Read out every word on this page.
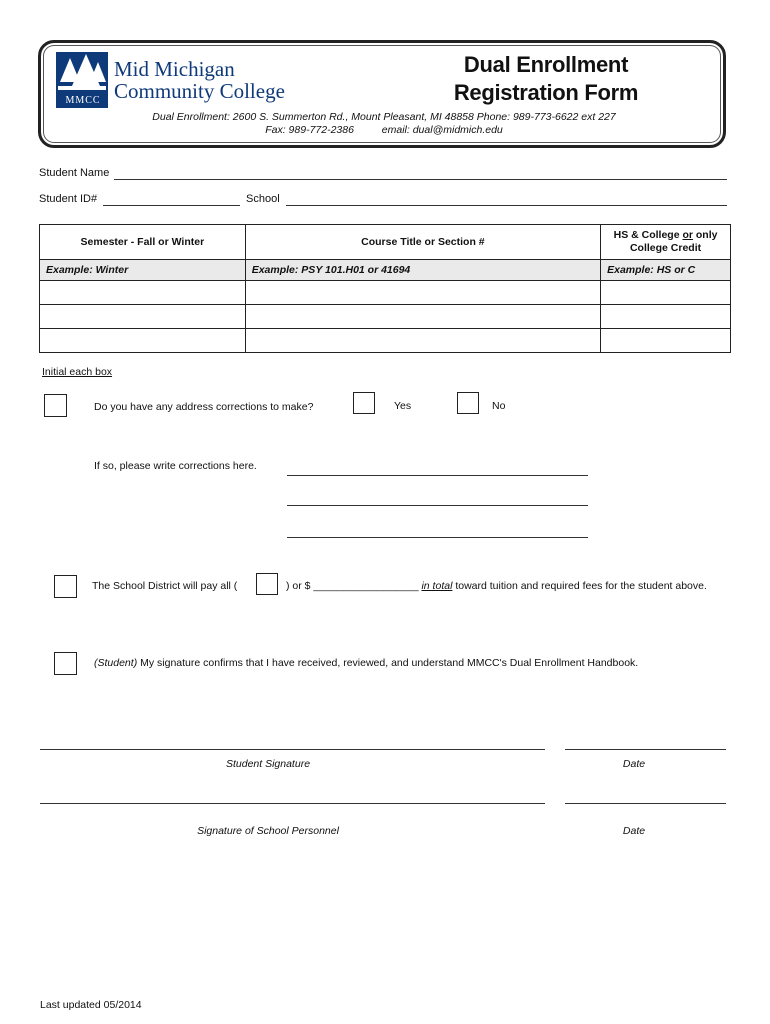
MMCC
Mid Michigan
Community College
Dual Enrollment
Registration Form
Dual Enrollment: 2600 S. Summerton Rd., Mount Pleasant, MI 48858 Phone: 989-773-6622 ext 227
Fax: 989-772-2386	email: dual@midmich.edu
Student Name
Student ID#	School
Semester - Fall or Winter	Course Title or Section #	HS & College or only
College Credit
Example: Winter	Example: PSY 101.H01 or 41694	Example: HS or C

Initial each box
Do you have any address corrections to make?	Yes	No
If so, please write corrections here.
The School District will pay all (	) or $ __________________ in total toward tuition and required fees for the student above.
(Student) My signature confirms that I have received, reviewed, and understand MMCC's Dual Enrollment Handbook.
Student Signature	Date
Signature of School Personnel	Date
Last updated 05/2014
